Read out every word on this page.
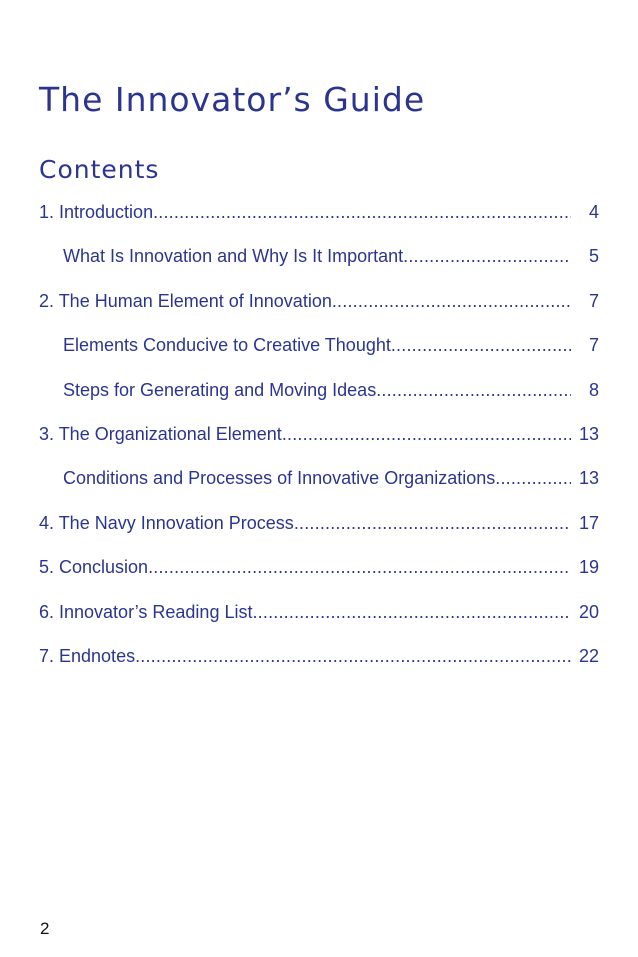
The Innovator’s Guide
Contents
1. Introduction .....	4
What Is Innovation and Why Is It Important .....	5
2. The Human Element of Innovation .....	7
Elements Conducive to Creative Thought .....	7
Steps for Generating and Moving Ideas .....	8
3. The Organizational Element .....	13
Conditions and Processes of Innovative Organizations .....	13
4. The Navy Innovation Process .....	17
5. Conclusion .....	19
6. Innovator’s Reading List .....	20
7. Endnotes .....	22
2
